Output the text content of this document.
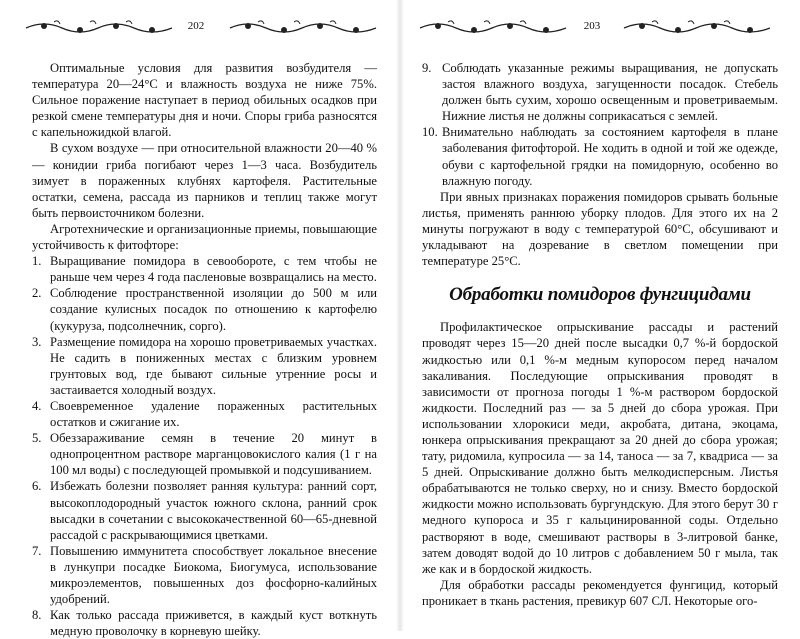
202

Оптимальные условия для развития возбудителя — температура 20—24°С и влажность воздуха не ниже 75%. Сильное поражение наступает в период обильных осадков при резкой смене температуры дня и ночи. Споры гриба разносятся с капельножидкой влагой.

В сухом воздухе — при относительной влажности 20—40 % — конидии гриба погибают через 1—3 часа. Возбудитель зимует в пораженных клубнях картофеля. Растительные остатки, семена, рассада из парников и теплиц также могут быть первоисточником болезни.

Агротехнические и организационные приемы, повышающие устойчивость к фитофторе:

1. Выращивание помидора в севообороте, с тем чтобы не раньше чем через 4 года пасленовые возвращались на место.
2. Соблюдение пространственной изоляции до 500 м или создание кулисных посадок по отношению к картофелю (кукуруза, подсолнечник, сорго).
3. Размещение помидора на хорошо проветриваемых участках. Не садить в пониженных местах с близким уровнем грунтовых вод, где бывают сильные утренние росы и застаивается холодный воздух.
4. Своевременное удаление пораженных растительных остатков и сжигание их.
5. Обеззараживание семян в течение 20 минут в однопроцентном растворе марганцовокислого калия (1 г на 100 мл воды) с последующей промывкой и подсушиванием.
6. Избежать болезни позволяет ранняя культура: ранний сорт, высокоплодородный участок южного склона, ранний срок высадки в сочетании с высококачественной 60—65-дневной рассадой с раскрывающимися цветками.
7. Повышению иммунитета способствует локальное внесение в лункупри посадке Биокома, Биогумуса, использование микроэлементов, повышенных доз фосфорно-калийных удобрений.
8. Как только рассада приживется, в каждый куст воткнуть медную проволочку в корневую шейку.
203
9. Соблюдать указанные режимы выращивания, не допускать застоя влажного воздуха, загущенности посадок. Стебель должен быть сухим, хорошо освещенным и проветриваемым. Нижние листья не должны соприкасаться с землей.
10. Внимательно наблюдать за состоянием картофеля в плане заболевания фитофторой. Не ходить в одной и той же одежде, обуви с картофельной грядки на помидорную, особенно во влажную погоду.

При явных признаках поражения помидоров срывать больные листья, применять раннюю уборку плодов. Для этого их на 2 минуты погружают в воду с температурой 60°С, обсушивают и укладывают на дозревание в светлом помещении при температуре 25°С.

Обработки помидоров фунгицидами

Профилактическое опрыскивание рассады и растений проводят через 15—20 дней после высадки 0,7 %-й бордоской жидкостью или 0,1 %-м медным купоросом перед началом закаливания. Последующие опрыскивания проводят в зависимости от прогноза погоды 1 %-м раствором бордоской жидкости. Последний раз — за 5 дней до сбора урожая. При использовании хлорокиси меди, акробата, дитана, экоцама, юнкера опрыскивания прекращают за 20 дней до сбора урожая; тату, ридомила, купросила — за 14, таноса — за 7, квадриса — за 5 дней. Опрыскивание должно быть мелкодисперсным. Листья обрабатываются не только сверху, но и снизу. Вместо бордоской жидкости можно использовать бургундскую. Для этого берут 30 г медного купороса и 35 г кальцинированной соды. Отдельно растворяют в воде, смешивают растворы в 3-литровой банке, затем доводят водой до 10 литров с добавлением 50 г мыла, так же как и в бордоской жидкость.

Для обработки рассады рекомендуется фунгицид, который проникает в ткань растения, превикур 607 СЛ. Некоторые ого-
